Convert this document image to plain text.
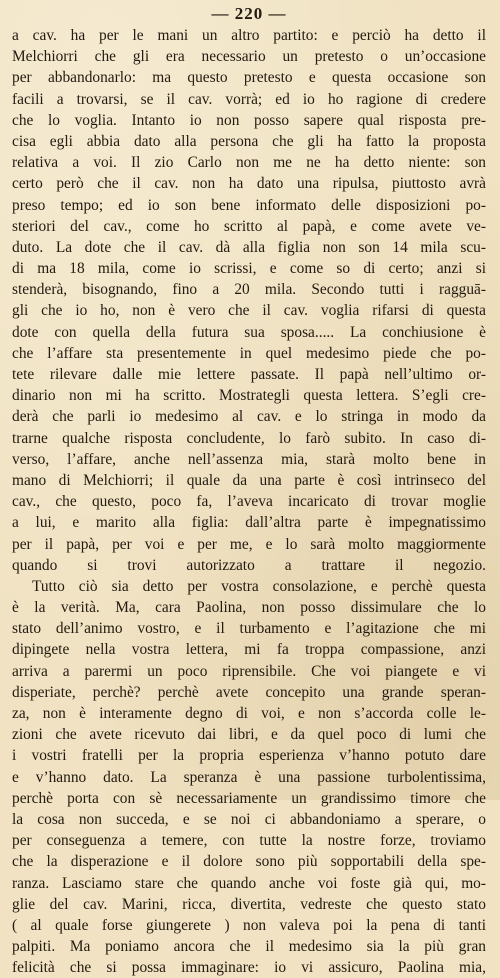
— 220 —
a cav. ha per le mani un altro partito: e perciò ha detto il
Melchiorri che gli era necessario un pretesto o un’occasione
per abbandonarlo: ma questo pretesto e questa occasione son
facili a trovarsi, se il cav. vorrà; ed io ho ragione di credere
che lo voglia. Intanto io non posso sapere qual risposta pre-
cisa egli abbia dato alla persona che gli ha fatto la proposta
relativa a voi. Il zio Carlo non me ne ha detto niente: son
certo però che il cav. non ha dato una ripulsa, piuttosto avrà
preso tempo; ed io son bene informato delle disposizioni po-
steriori del cav., come ho scritto al papà, e come avete ve-
duto. La dote che il cav. dà alla figlia non son 14 mila scu-
di ma 18 mila, come io scrissi, e come so di certo; anzi si
stenderà, bisognando, fino a 20 mila. Secondo tutti i ragguā-
gli che io ho, non è vero che il cav. voglia rifarsi di questa
dote con quella della futura sua sposa..... La conchiusione è
che l’affare sta presentemente in quel medesimo piede che po-
tete rilevare dalle mie lettere passate. Il papà nell’ultimo or-
dinario non mi ha scritto. Mostrategli questa lettera. S’egli cre-
derà che parli io medesimo al cav. e lo stringa in modo da
trarne qualche risposta concludente, lo farò subito. In caso di-
verso, l’affare, anche nell’assenza mia, starà molto bene in
mano di Melchiorri; il quale da una parte è così intrinseco del
cav., che questo, poco fa, l’aveva incaricato di trovar moglie
a lui, e marito alla figlia: dall’altra parte è impegnatissimo
per il papà, per voi e per me, e lo sarà molto maggiormente
quando si trovi autorizzato a trattare il negozio.
Tutto ciò sia detto per vostra consolazione, e perchè questa
è la verità. Ma, cara Paolina, non posso dissimulare che lo
stato dell’animo vostro, e il turbamento e l’agitazione che mi
dipingete nella vostra lettera, mi fa troppa compassione, anzi
arriva a parermi un poco riprensibile. Che voi piangete e vi
disperiate, perchè? perchè avete concepito una grande speran-
za, non è interamente degno di voi, e non s’accorda colle le-
zioni che avete ricevuto dai libri, e da quel poco di lumi che
i vostri fratelli per la propria esperienza v’hanno potuto dare
e v’hanno dato. La speranza è una passione turbolentissima,
perchè porta con sè necessariamente un grandissimo timore che
la cosa non succeda, e se noi ci abbandoniamo a sperare, o
per conseguenza a temere, con tutte la nostre forze, troviamo
che la disperazione e il dolore sono più sopportabili della spe-
ranza. Lasciamo stare che quando anche voi foste già qui, mo-
glie del cav. Marini, ricca, divertita, vedreste che questo stato
( al quale forse giungerete ) non valeva poi la pena di tanti
palpiti. Ma poniamo ancora che il medesimo sia la più gran
felicità che si possa immaginare: io vi assicuro, Paolina mia,
